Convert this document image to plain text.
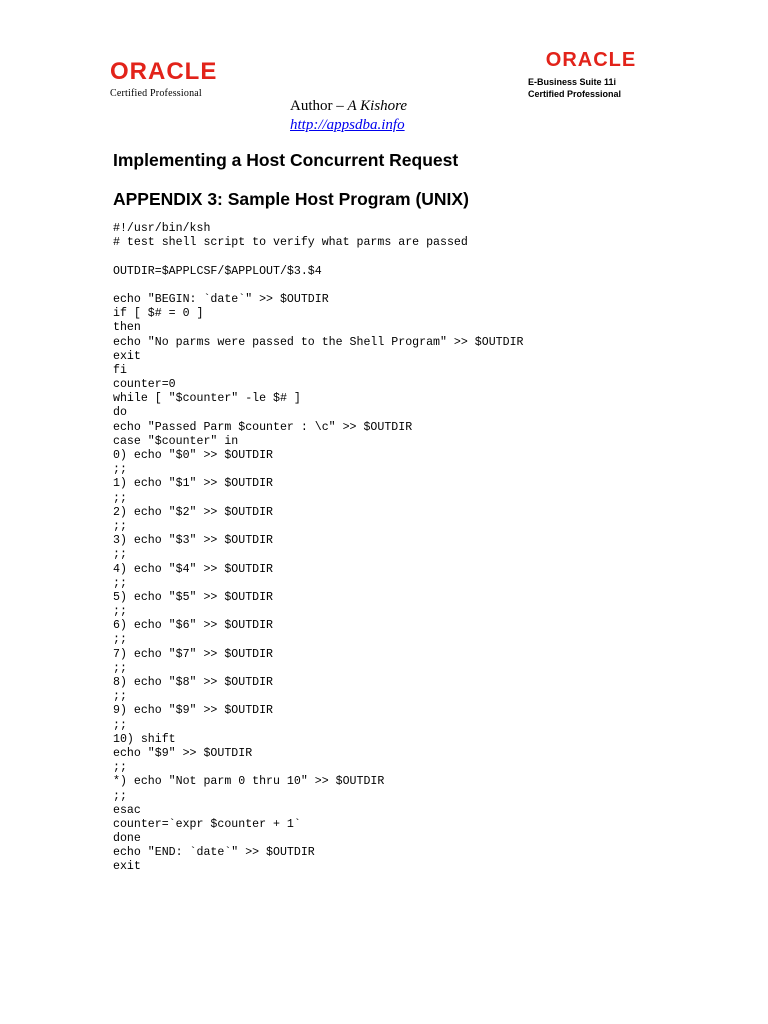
ORACLE
Certified Professional
ORACLE
E-Business Suite 11i
Certified Professional
Author – A Kishore
http://appsdba.info
Implementing a Host Concurrent Request
APPENDIX 3: Sample Host Program (UNIX)
#!/usr/bin/ksh
# test shell script to verify what parms are passed
OUTDIR=$APPLCSF/$APPLOUT/$3.$4
echo "BEGIN: `date`" >> $OUTDIR
if [ $# = 0 ]
then
echo "No parms were passed to the Shell Program" >> $OUTDIR
exit
fi
counter=0
while [ "$counter" -le $# ]
do
echo "Passed Parm $counter : \c" >> $OUTDIR
case "$counter" in
0) echo "$0" >> $OUTDIR
;;
1) echo "$1" >> $OUTDIR
;;
2) echo "$2" >> $OUTDIR
;;
3) echo "$3" >> $OUTDIR
;;
4) echo "$4" >> $OUTDIR
;;
5) echo "$5" >> $OUTDIR
;;
6) echo "$6" >> $OUTDIR
;;
7) echo "$7" >> $OUTDIR
;;
8) echo "$8" >> $OUTDIR
;;
9) echo "$9" >> $OUTDIR
;;
10) shift
echo "$9" >> $OUTDIR
;;
*) echo "Not parm 0 thru 10" >> $OUTDIR
;;
esac
counter=`expr $counter + 1`
done
echo "END: `date`" >> $OUTDIR
exit
